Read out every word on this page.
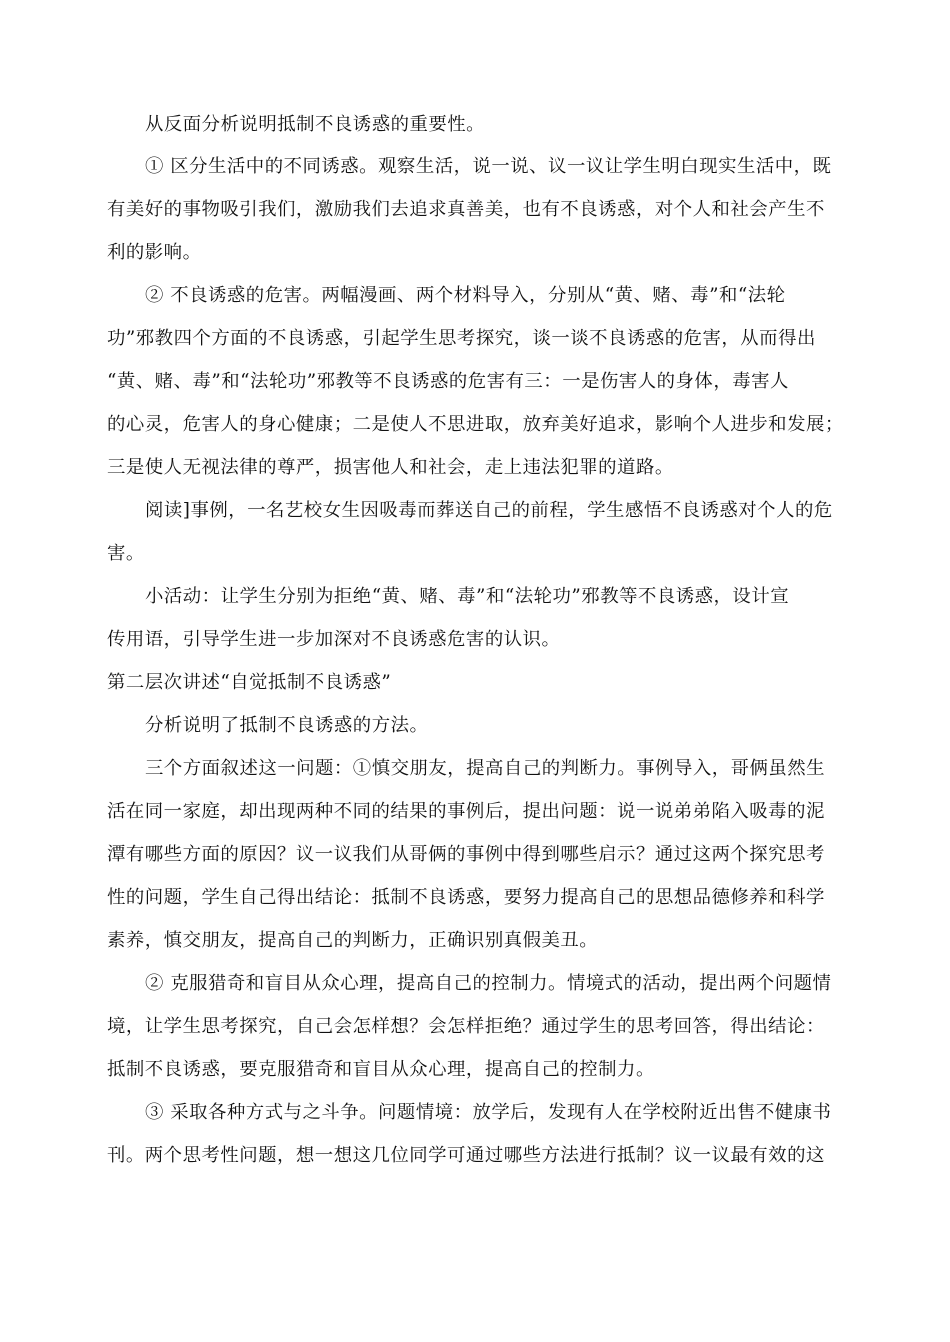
从反面分析说明抵制不良诱惑的重要性。
① 区分生活中的不同诱惑。观察生活，说一说、议一议让学生明白现实生活中，既
有美好的事物吸引我们，激励我们去追求真善美，也有不良诱惑，对个人和社会产生不
利的影响。
② 不良诱惑的危害。两幅漫画、两个材料导入，分别从“黄、赌、毒”和“法轮
功”邪教四个方面的不良诱惑，引起学生思考探究，谈一谈不良诱惑的危害，从而得出
“黄、赌、毒”和“法轮功”邪教等不良诱惑的危害有三：一是伤害人的身体，毒害人
的心灵，危害人的身心健康；二是使人不思进取，放弃美好追求，影响个人进步和发展；
三是使人无视法律的尊严，损害他人和社会，走上违法犯罪的道路。
阅读]事例，一名艺校女生因吸毒而葬送自己的前程，学生感悟不良诱惑对个人的危
害。
小活动：让学生分别为拒绝“黄、赌、毒”和“法轮功”邪教等不良诱惑，设计宣
传用语，引导学生进一步加深对不良诱惑危害的认识。
第二层次讲述“自觉抵制不良诱惑”
分析说明了抵制不良诱惑的方法。
三个方面叙述这一问题：①慎交朋友，提高自己的判断力。事例导入，哥俩虽然生
活在同一家庭，却出现两种不同的结果的事例后，提出问题：说一说弟弟陷入吸毒的泥
潭有哪些方面的原因？议一议我们从哥俩的事例中得到哪些启示？通过这两个探究思考
性的问题，学生自己得出结论：抵制不良诱惑，要努力提高自己的思想品德修养和科学
素养，慎交朋友，提高自己的判断力，正确识别真假美丑。
② 克服猎奇和盲目从众心理，提高自己的控制力。情境式的活动，提出两个问题情
境，让学生思考探究，自己会怎样想？会怎样拒绝？通过学生的思考回答，得出结论：
抵制不良诱惑，要克服猎奇和盲目从众心理，提高自己的控制力。
③ 采取各种方式与之斗争。问题情境：放学后，发现有人在学校附近出售不健康书
刊。两个思考性问题，想一想这几位同学可通过哪些方法进行抵制？议一议最有效的这
